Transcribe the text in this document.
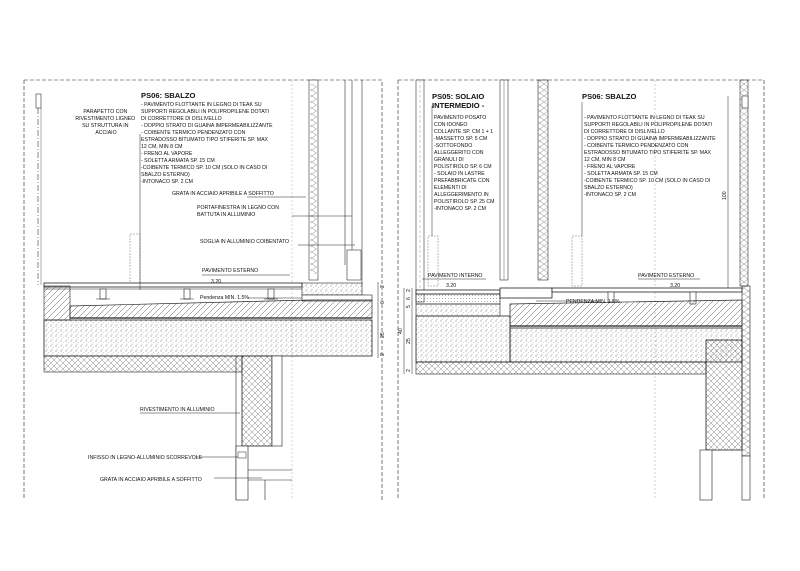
PS06: SBALZO
- PAVIMENTO FLOTTANTE IN LEGNO DI TEAK SU SUPPORTI REGOLABILI IN POLIPROPILENE DOTATI DI CORRETTORE DI DISLIVELLO - DOPPIO STRATO DI GUAINA IMPERMEABILIZZANTE - COIBENTE TERMICO PENDENZATO CON ESTRADOSSO BITUMATO TIPO STIFERITE SP. MAX 12 CM, MIN 8 CM - FRENO AL VAPORE - SOLETTA ARMATA SP. 15 CM -COIBENTE TERMICO SP. 10 CM (SOLO IN CASO DI SBALZO ESTERNO) -INTONACO SP. 2 CM
PARAPETTO CON RIVESTIMENTO LIGNEO SU STRUTTURA IN ACCIAIO
GRATA IN ACCIAIO APRIBILE A SOFFITTO
PORTAFINESTRA IN LEGNO CON BATTUTA IN ALLUMINIO
SOGLIA IN ALLUMINIO COIBENTATO
PAVIMENTO ESTERNO
3.20
Pendenza MIN. 1.5%
RIVESTIMENTO IN ALLUMINIO
INFISSO IN LEGNO-ALLUMINIO SCORREVOLE
GRATA IN ACCIAIO APRIBILE A SOFFITTO
2
6
25
2
PS05: SOLAIO
INTERMEDIO -
PAVIMENTO POSATO CON IDONEO COLLANTE SP. CM 1 + 1 -MASSETTO SP. 5 CM -SOTTOFONDO ALLEGGERITO CON GRANULI DI POLISTIROLO SP. 6 CM - SOLAIO IN LASTRE PREFABBRICATE CON ELEMENTI DI ALLEGGERIMENTO IN POLISTIROLO SP. 25 CM -INTONACO SP. 2 CM
PS06: SBALZO
- PAVIMENTO FLOTTANTE IN LEGNO DI TEAK SU SUPPORTI REGOLABILI IN POLIPROPILENE DOTATI DI CORRETTORE DI DISLIVELLO - DOPPIO STRATO DI GUAINA IMPERMEABILIZZANTE - COIBENTE TERMICO PENDENZATO CON ESTRADOSSO BITUMATO TIPO STIFERITE SP. MAX 12 CM, MIN 8 CM - FRENO AL VAPORE - SOLETTA ARMATA SP. 15 CM -COIBENTE TERMICO SP. 10 CM (SOLO IN CASO DI SBALZO ESTERNO) -INTONACO SP. 2 CM
PAVIMENTO INTERNO
3.20
PAVIMENTO ESTERNO
3.20
PENDENZA MIN. 1.5%
2
6
5
25
2
40
100
